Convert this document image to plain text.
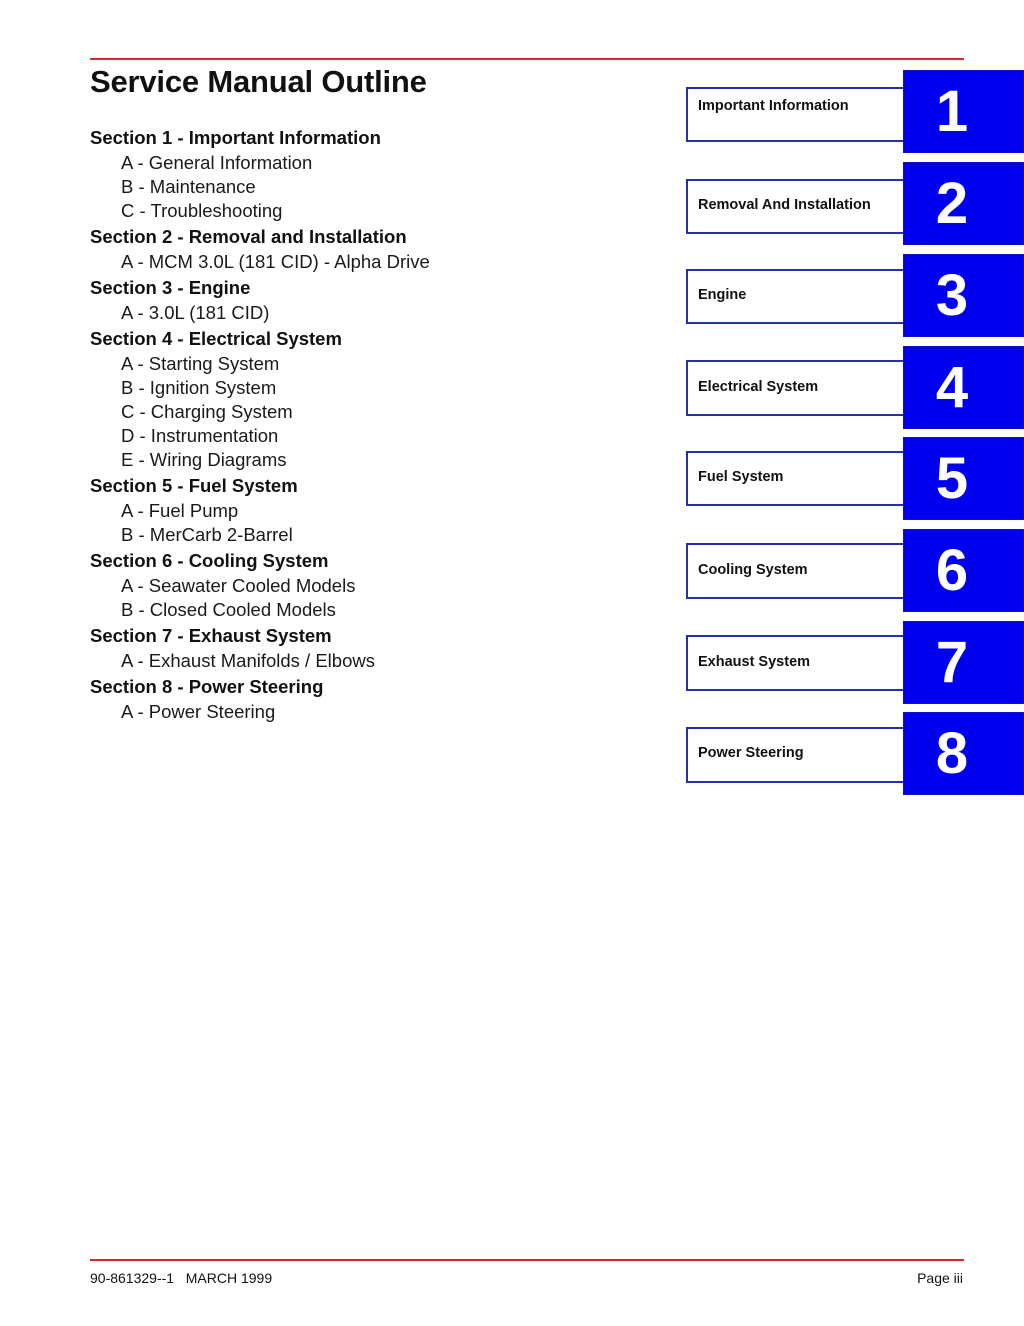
Service Manual Outline
Section 1 - Important Information
A - General Information
B - Maintenance
C - Troubleshooting
Section 2 - Removal and Installation
A - MCM 3.0L (181 CID) - Alpha Drive
Section 3 - Engine
A - 3.0L (181 CID)
Section 4 - Electrical System
A - Starting System
B - Ignition System
C - Charging System
D - Instrumentation
E - Wiring Diagrams
Section 5 - Fuel System
A - Fuel Pump
B - MerCarb 2-Barrel
Section 6 - Cooling System
A - Seawater Cooled Models
B - Closed Cooled Models
Section 7 - Exhaust System
A - Exhaust Manifolds / Elbows
Section 8 - Power Steering
A - Power Steering
Important Information	1
Removal And Installation	2
Engine	3
Electrical System	4
Fuel System	5
Cooling System	6
Exhaust System	7
Power Steering	8
90-861329--1 MARCH 1999	Page iii
